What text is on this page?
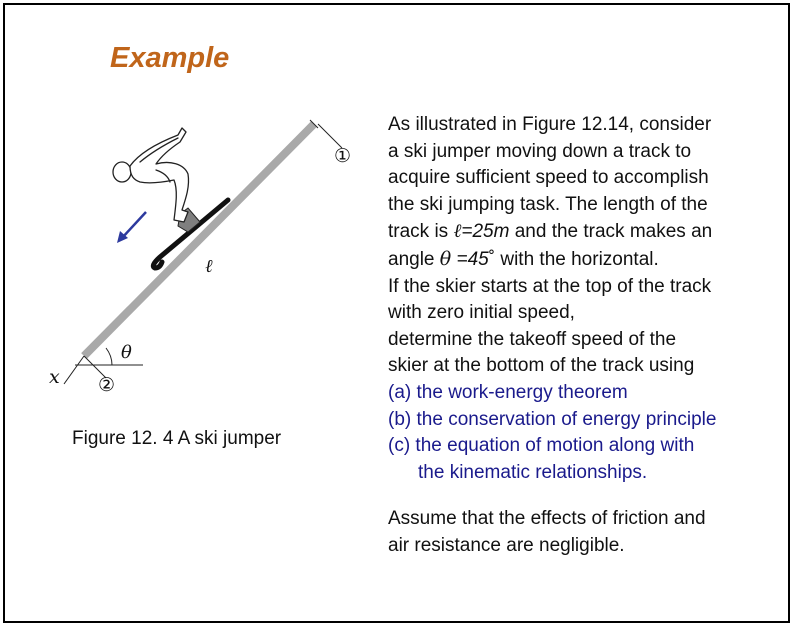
Example
①
②
ℓ
θ
x
Figure 12. 4 A ski jumper
As illustrated in Figure 12.14, consider
a ski jumper moving down a track to
acquire sufficient speed to accomplish
the ski jumping task. The length of the
track is ℓ=25m and the track makes an
angle θ =45˚ with the horizontal.
If the skier starts at the top of the track
with zero initial speed,
determine the takeoff speed of the
skier at the bottom of the track using
(a) the work-energy theorem
(b) the conservation of energy principle
(c) the equation of motion along with
the kinematic relationships.
Assume that the effects of friction and
air resistance are negligible.
